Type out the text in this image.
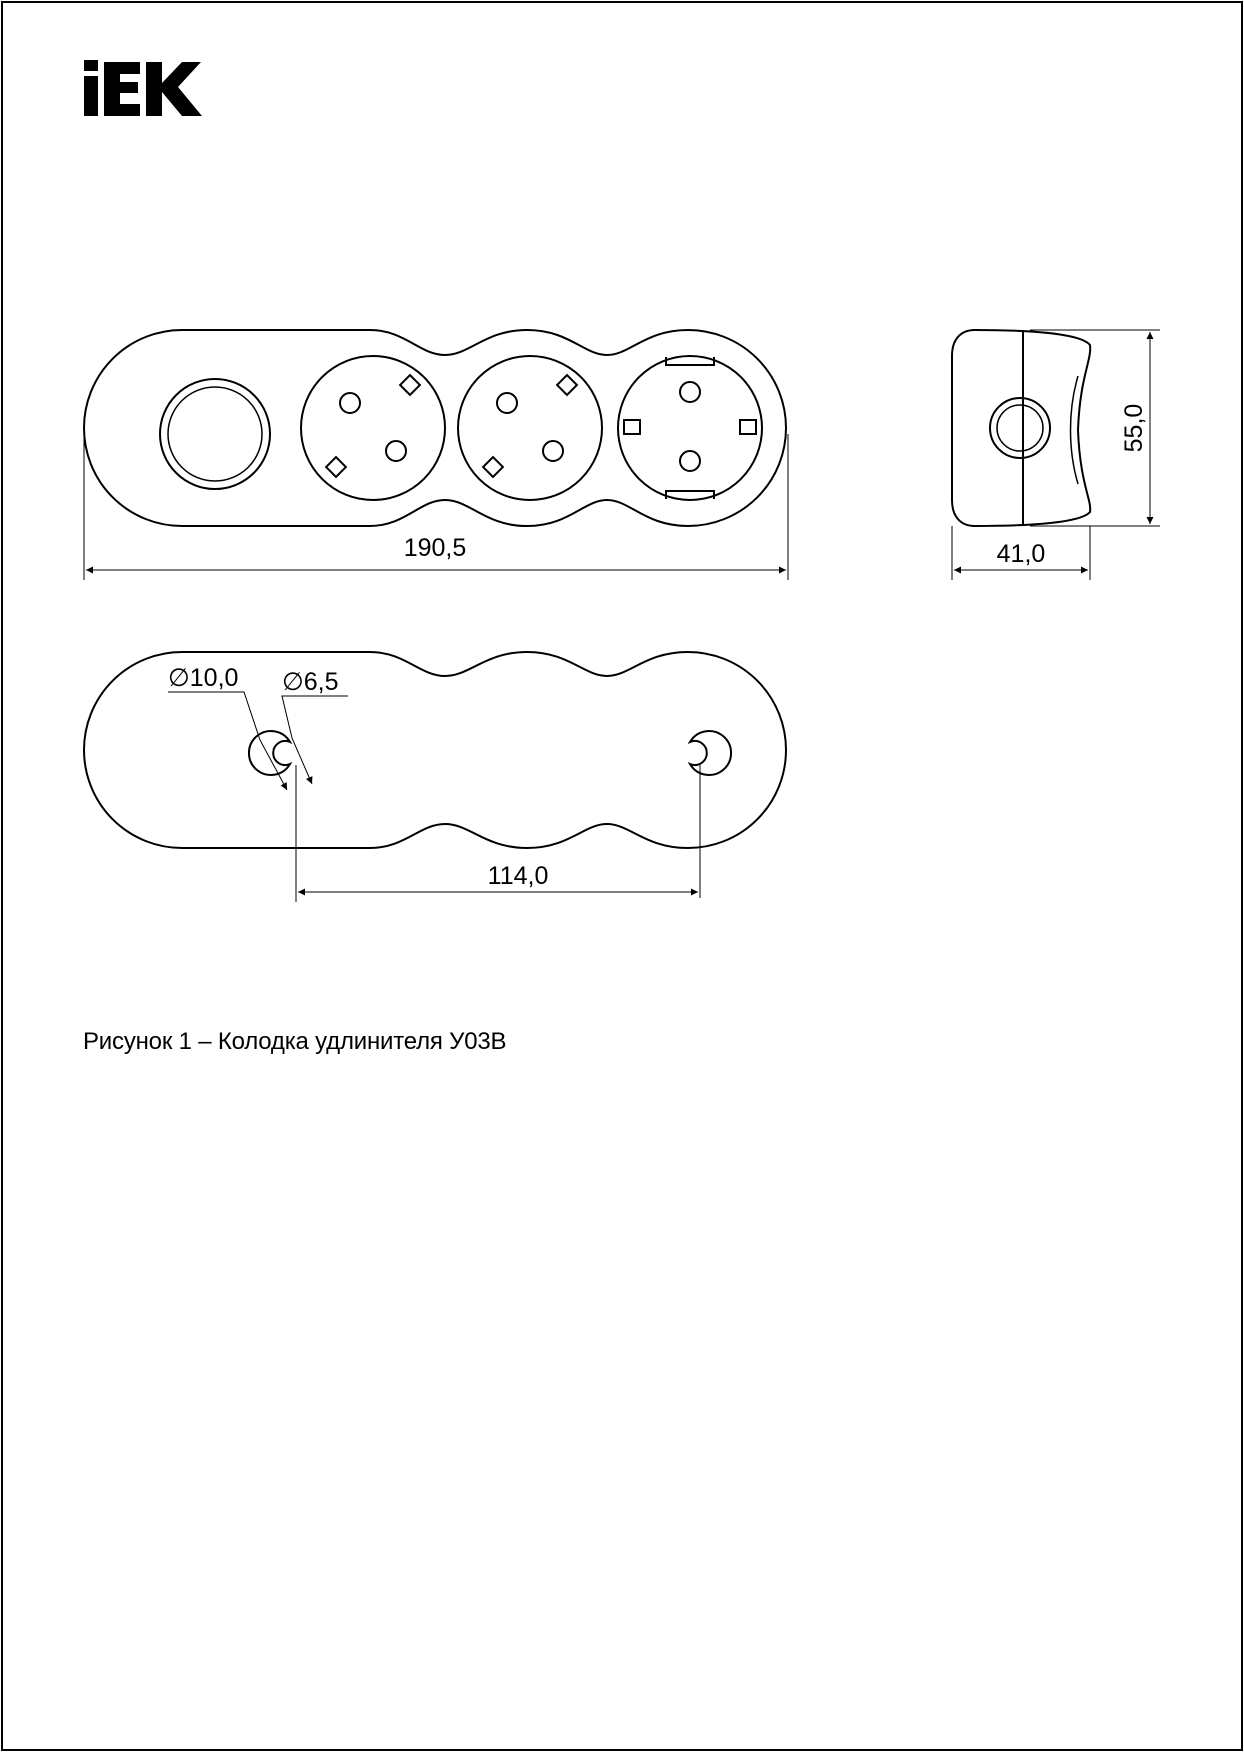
190,5
55,0
41,0
∅10,0 ∅6,5
114,0
Рисунок 1 – Колодка удлинителя У03В
